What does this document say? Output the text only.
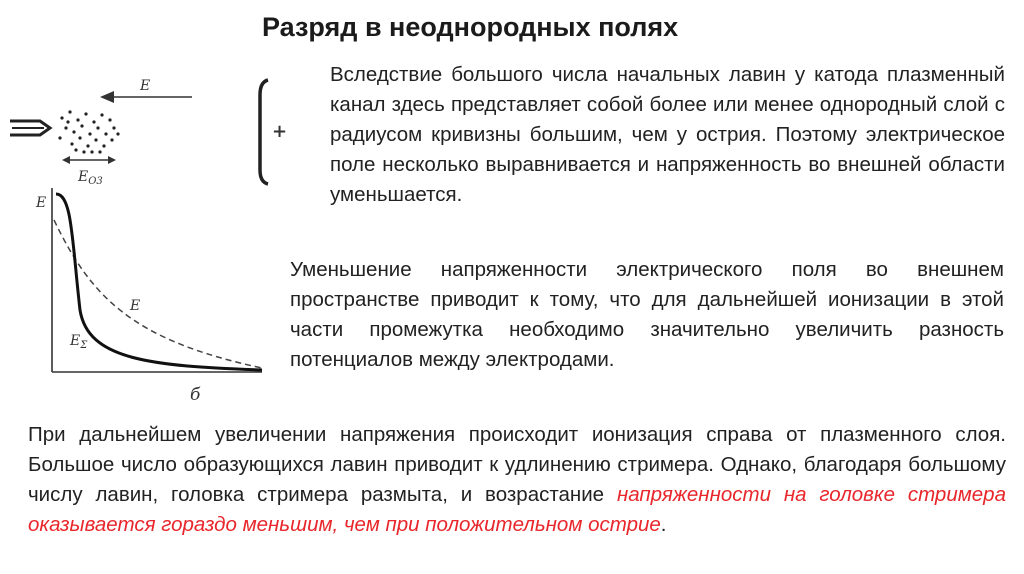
Разряд в неоднородных полях
E
$E_{O3}$
+
E
E
$E_\Sigma$
б
Вследствие большого числа начальных лавин у катода плазменный канал здесь представляет собой более или менее однородный слой с радиусом кривизны большим, чем у острия. Поэтому электрическое поле несколько выравнивается и напряженность во внешней области уменьшается.
Уменьшение напряженности электрического поля во внешнем пространстве приводит к тому, что для дальнейшей ионизации в этой части промежутка необходимо значительно увеличить разность потенциалов между электродами.
При дальнейшем увеличении напряжения происходит ионизация справа от плазменного слоя. Большое число образующихся лавин приводит к удлинению стримера. Однако, благодаря большому числу лавин, головка стримера размыта, и возрастание напряженности на головке стримера оказывается гораздо меньшим, чем при положительном острие.
